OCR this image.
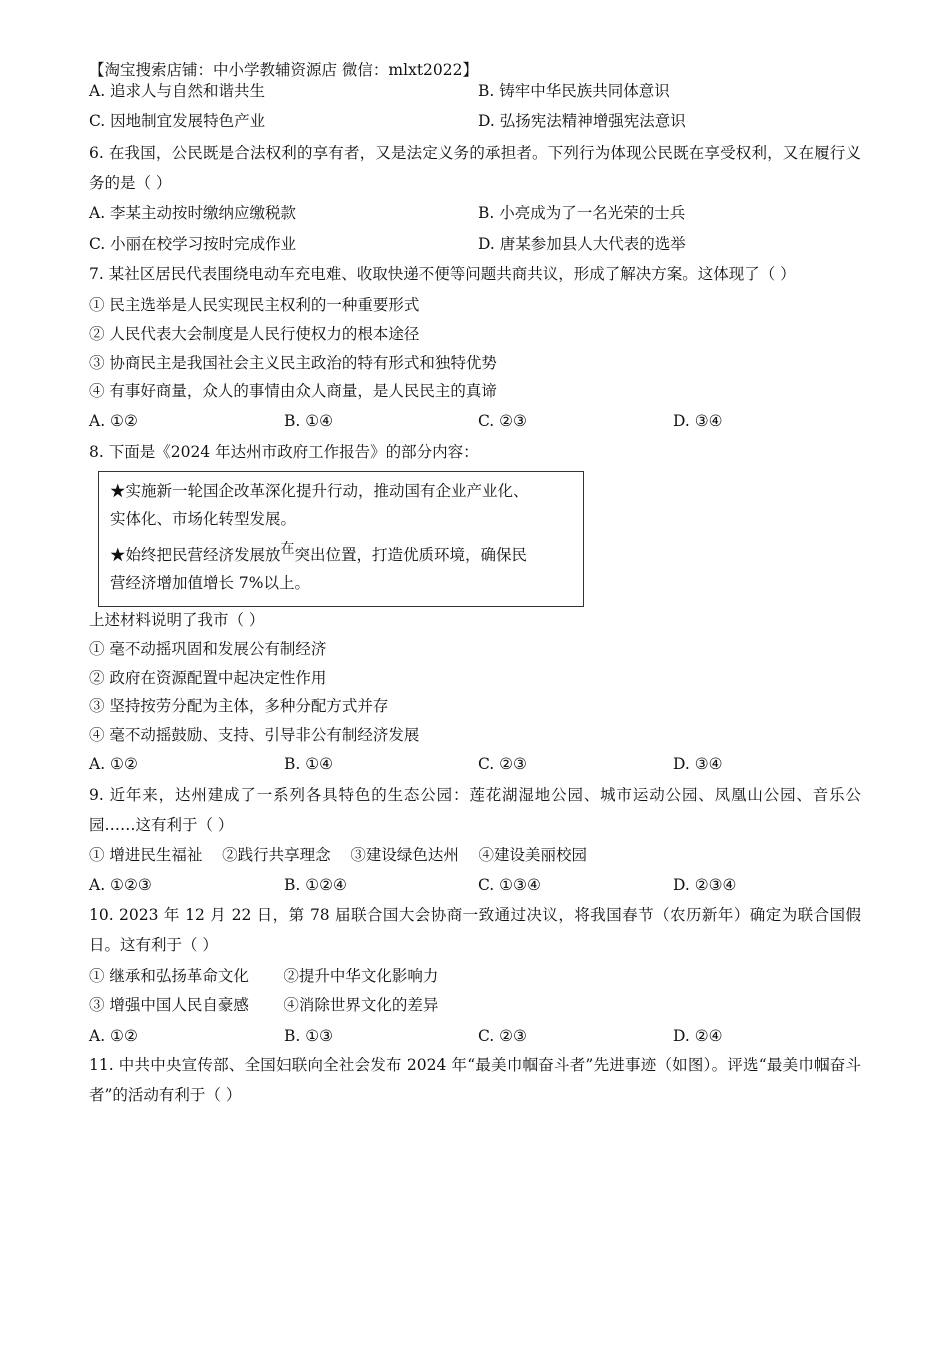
【淘宝搜索店铺：中小学教辅资源店 微信：mlxt2022】
A. 追求人与自然和谐共生	B. 铸牢中华民族共同体意识
C. 因地制宜发展特色产业	D. 弘扬宪法精神增强宪法意识
6. 在我国，公民既是合法权利的享有者，又是法定义务的承担者。下列行为体现公民既在享受权利，又在履行义务的是（ ）
A. 李某主动按时缴纳应缴税款	B. 小亮成为了一名光荣的士兵
C. 小丽在校学习按时完成作业	D. 唐某参加县人大代表的选举
7. 某社区居民代表围绕电动车充电难、收取快递不便等问题共商共议，形成了解决方案。这体现了（ ）
① 民主选举是人民实现民主权利的一种重要形式
② 人民代表大会制度是人民行使权力的根本途径
③ 协商民主是我国社会主义民主政治的特有形式和独特优势
④ 有事好商量，众人的事情由众人商量，是人民民主的真谛
A. ①②	B. ①④	C. ②③	D. ③④
8. 下面是《2024 年达州市政府工作报告》的部分内容：
★实施新一轮国企改革深化提升行动，推动国有企业产业化、
实体化、市场化转型发展。
★始终把民营经济发展放在突出位置，打造优质环境，确保民
营经济增加值增长 7%以上。
上述材料说明了我市（ ）
① 毫不动摇巩固和发展公有制经济
② 政府在资源配置中起决定性作用
③ 坚持按劳分配为主体，多种分配方式并存
④ 毫不动摇鼓励、支持、引导非公有制经济发展
A. ①②	B. ①④	C. ②③	D. ③④
9. 近年来，达州建成了一系列各具特色的生态公园：莲花湖湿地公园、城市运动公园、凤凰山公园、音乐公园……这有利于（ ）
① 增进民生福祉    ②践行共享理念    ③建设绿色达州    ④建设美丽校园
A. ①②③	B. ①②④	C. ①③④	D. ②③④
10. 2023 年 12 月 22 日，第 78 届联合国大会协商一致通过决议，将我国春节（农历新年）确定为联合国假日。这有利于（ ）
① 继承和弘扬革命文化       ②提升中华文化影响力
③ 增强中国人民自豪感       ④消除世界文化的差异
A. ①②	B. ①③	C. ②③	D. ②④
11. 中共中央宣传部、全国妇联向全社会发布 2024 年“最美巾帼奋斗者”先进事迹（如图）。评选“最美巾帼奋斗者”的活动有利于（ ）
